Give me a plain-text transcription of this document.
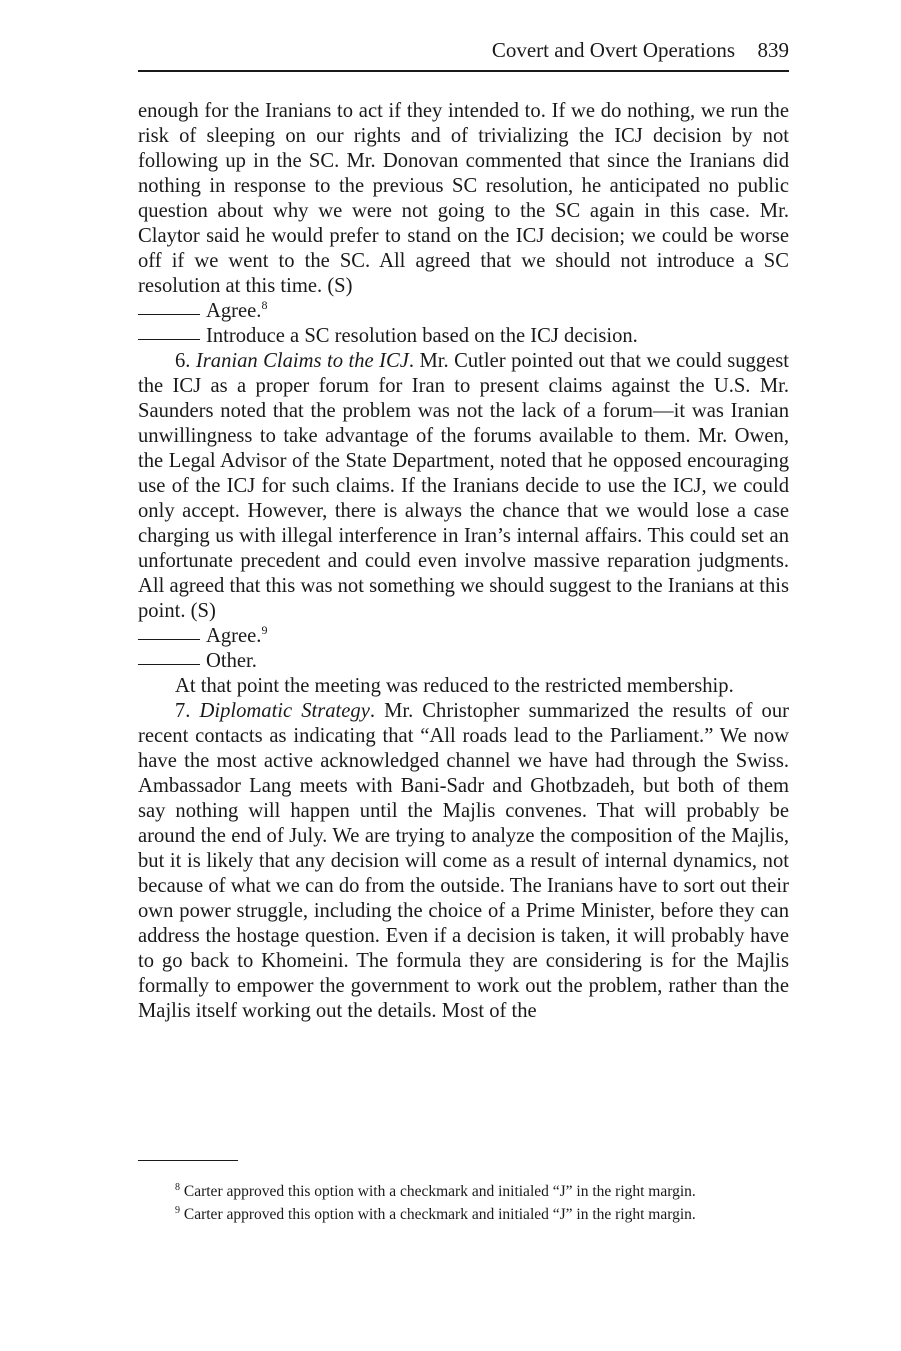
Covert and Overt Operations 839

enough for the Iranians to act if they intended to. If we do nothing, we run the risk of sleeping on our rights and of trivializing the ICJ decision by not following up in the SC. Mr. Donovan commented that since the Iranians did nothing in response to the previous SC resolution, he anticipated no public question about why we were not going to the SC again in this case. Mr. Claytor said he would prefer to stand on the ICJ decision; we could be worse off if we went to the SC. All agreed that we should not introduce a SC resolution at this time. (S)

Agree.$^8$

Introduce a SC resolution based on the ICJ decision.

6. Iranian Claims to the ICJ. Mr. Cutler pointed out that we could suggest the ICJ as a proper forum for Iran to present claims against the U.S. Mr. Saunders noted that the problem was not the lack of a forum—it was Iranian unwillingness to take advantage of the forums available to them. Mr. Owen, the Legal Advisor of the State Department, noted that he opposed encouraging use of the ICJ for such claims. If the Iranians decide to use the ICJ, we could only accept. However, there is always the chance that we would lose a case charging us with illegal interference in Iran’s internal affairs. This could set an unfortunate precedent and could even involve massive reparation judgments. All agreed that this was not something we should suggest to the Iranians at this point. (S)

Agree.$^9$

Other.

At that point the meeting was reduced to the restricted membership.

7. Diplomatic Strategy. Mr. Christopher summarized the results of our recent contacts as indicating that “All roads lead to the Parliament.” We now have the most active acknowledged channel we have had through the Swiss. Ambassador Lang meets with Bani-Sadr and Ghotbzadeh, but both of them say nothing will happen until the Majlis convenes. That will probably be around the end of July. We are trying to analyze the composition of the Majlis, but it is likely that any decision will come as a result of internal dynamics, not because of what we can do from the outside. The Iranians have to sort out their own power struggle, including the choice of a Prime Minister, before they can address the hostage question. Even if a decision is taken, it will probably have to go back to Khomeini. The formula they are considering is for the Majlis formally to empower the government to work out the problem, rather than the Majlis itself working out the details. Most of the

$^8$ Carter approved this option with a checkmark and initialed “J” in the right margin.

$^9$ Carter approved this option with a checkmark and initialed “J” in the right margin.
